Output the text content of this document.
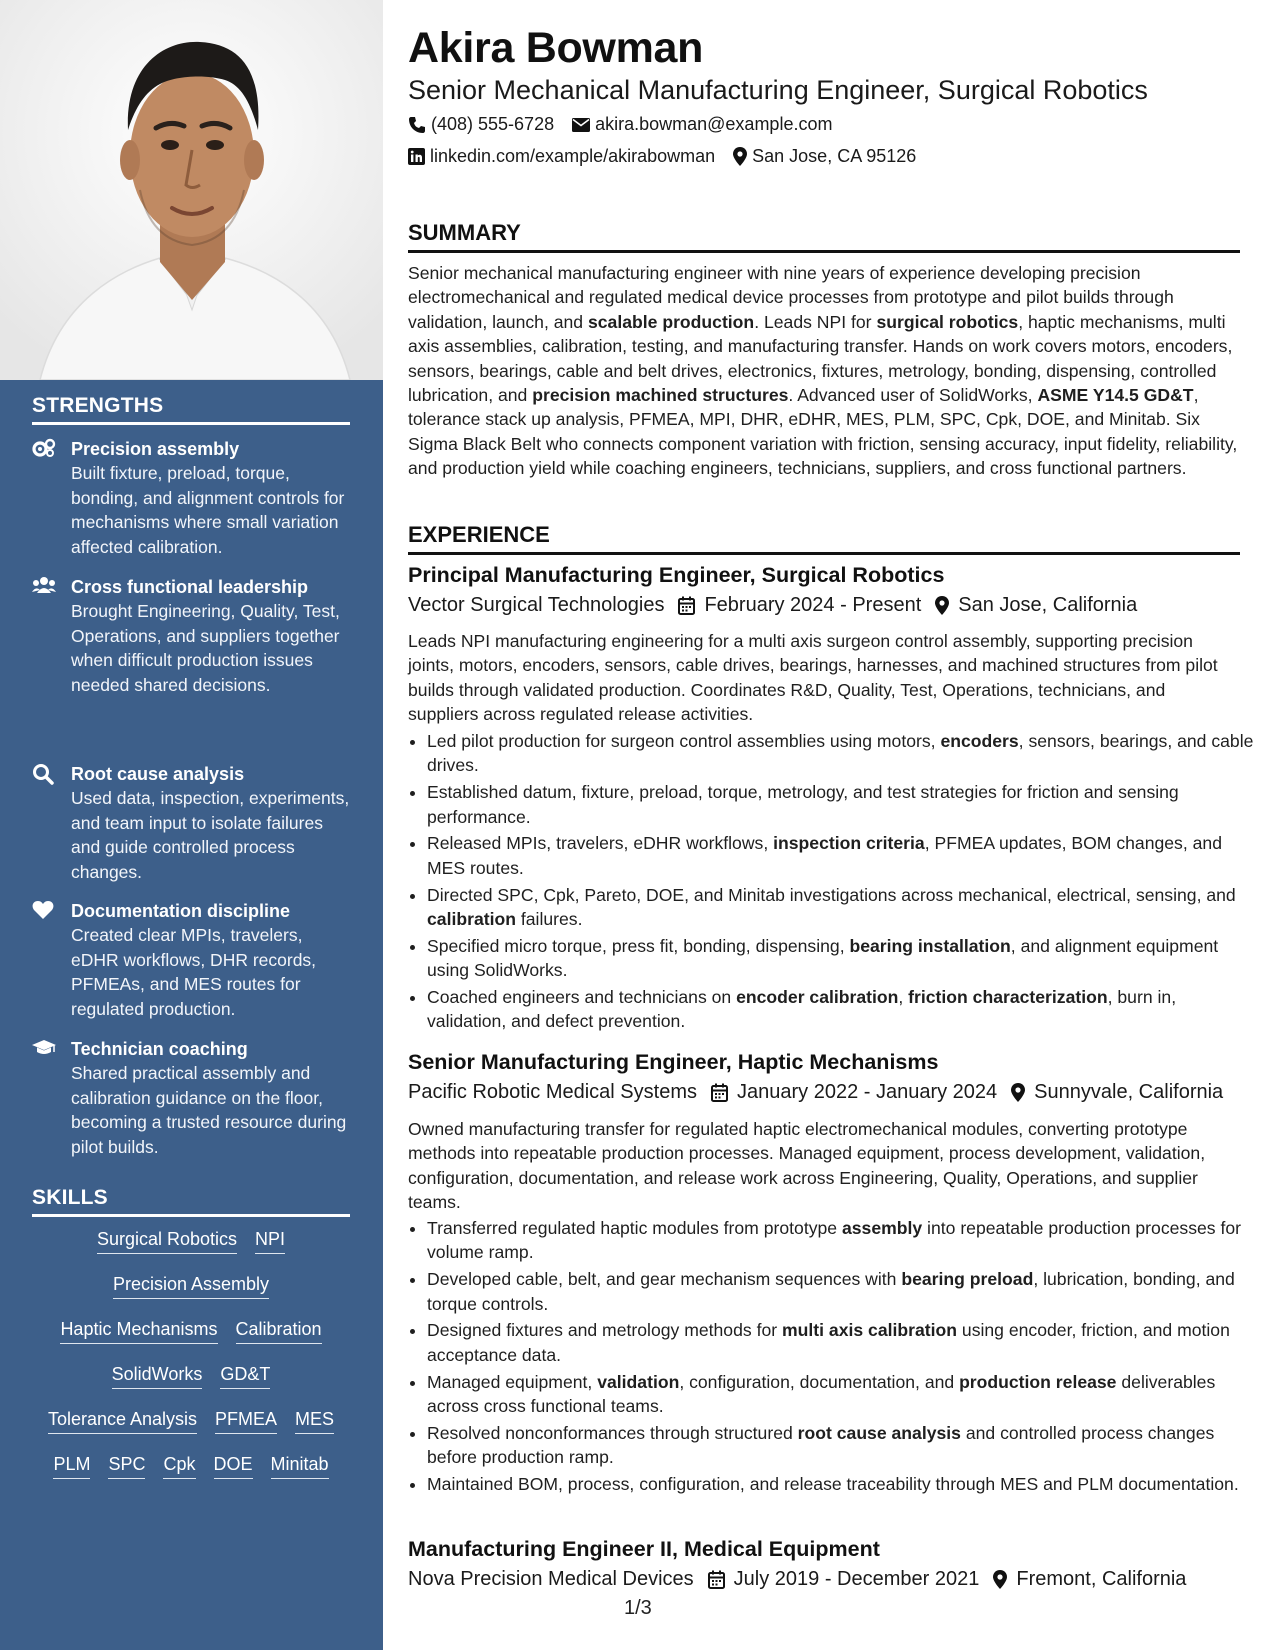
STRENGTHS
Precision assembly
Built fixture, preload, torque, bonding, and alignment controls for mechanisms where small variation affected calibration.
Cross functional leadership
Brought Engineering, Quality, Test, Operations, and suppliers together when difficult production issues needed shared decisions.
Root cause analysis
Used data, inspection, experiments, and team input to isolate failures and guide controlled process changes.
Documentation discipline
Created clear MPIs, travelers, eDHR workflows, DHR records, PFMEAs, and MES routes for regulated production.
Technician coaching
Shared practical assembly and calibration guidance on the floor, becoming a trusted resource during pilot builds.
SKILLS
Surgical Robotics NPI
Precision Assembly
Haptic Mechanisms Calibration
SolidWorks GD&T
Tolerance Analysis PFMEA MES
PLM SPC Cpk DOE Minitab
Akira Bowman
Senior Mechanical Manufacturing Engineer, Surgical Robotics
(408) 555-6728 akira.bowman@example.com
linkedin.com/example/akirabowman San Jose, CA 95126
SUMMARY
Senior mechanical manufacturing engineer with nine years of experience developing precision electromechanical and regulated medical device processes from prototype and pilot builds through validation, launch, and scalable production. Leads NPI for surgical robotics, haptic mechanisms, multi axis assemblies, calibration, testing, and manufacturing transfer. Hands on work covers motors, encoders, sensors, bearings, cable and belt drives, electronics, fixtures, metrology, bonding, dispensing, controlled lubrication, and precision machined structures. Advanced user of SolidWorks, ASME Y14.5 GD&T, tolerance stack up analysis, PFMEA, MPI, DHR, eDHR, MES, PLM, SPC, Cpk, DOE, and Minitab. Six Sigma Black Belt who connects component variation with friction, sensing accuracy, input fidelity, reliability, and production yield while coaching engineers, technicians, suppliers, and cross functional partners.
EXPERIENCE
Principal Manufacturing Engineer, Surgical Robotics
Vector Surgical Technologies February 2024 - Present San Jose, California
Leads NPI manufacturing engineering for a multi axis surgeon control assembly, supporting precision joints, motors, encoders, sensors, cable drives, bearings, harnesses, and machined structures from pilot builds through validated production. Coordinates R&D, Quality, Test, Operations, technicians, and suppliers across regulated release activities.
• Led pilot production for surgeon control assemblies using motors, encoders, sensors, bearings, and cable drives.
• Established datum, fixture, preload, torque, metrology, and test strategies for friction and sensing performance.
• Released MPIs, travelers, eDHR workflows, inspection criteria, PFMEA updates, BOM changes, and MES routes.
• Directed SPC, Cpk, Pareto, DOE, and Minitab investigations across mechanical, electrical, sensing, and calibration failures.
• Specified micro torque, press fit, bonding, dispensing, bearing installation, and alignment equipment using SolidWorks.
• Coached engineers and technicians on encoder calibration, friction characterization, burn in, validation, and defect prevention.
Senior Manufacturing Engineer, Haptic Mechanisms
Pacific Robotic Medical Systems January 2022 - January 2024 Sunnyvale, California
Owned manufacturing transfer for regulated haptic electromechanical modules, converting prototype methods into repeatable production processes. Managed equipment, process development, validation, configuration, documentation, and release work across Engineering, Quality, Operations, and supplier teams.
• Transferred regulated haptic modules from prototype assembly into repeatable production processes for volume ramp.
• Developed cable, belt, and gear mechanism sequences with bearing preload, lubrication, bonding, and torque controls.
• Designed fixtures and metrology methods for multi axis calibration using encoder, friction, and motion acceptance data.
• Managed equipment, validation, configuration, documentation, and production release deliverables across cross functional teams.
• Resolved nonconformances through structured root cause analysis and controlled process changes before production ramp.
• Maintained BOM, process, configuration, and release traceability through MES and PLM documentation.
Manufacturing Engineer II, Medical Equipment
Nova Precision Medical Devices July 2019 - December 2021 Fremont, California
1/3
